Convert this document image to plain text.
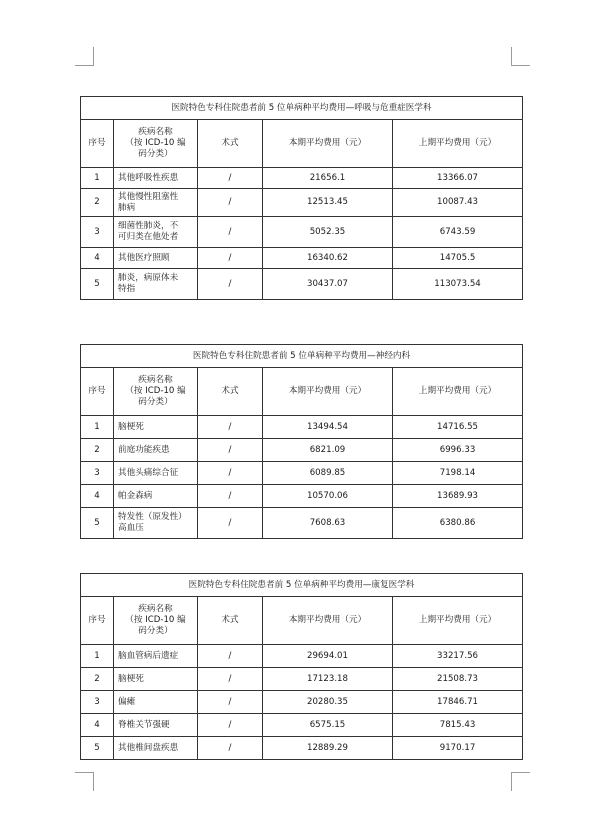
医院特色专科住院患者前 5 位单病种平均费用—呼吸与危重症医学科				
序号	疾病名称
（按 ICD-10 编
码分类）	术式	本期平均费用（元）	上期平均费用（元）
1	其他呼吸性疾患	/	21656.1	13366.07
2	其他慢性阻塞性
肺病	/	12513.45	10087.43
3	细菌性肺炎，不
可归类在他处者	/	5052.35	6743.59
4	其他医疗照顾	/	16340.62	14705.5
5	肺炎，病原体未
特指	/	30437.07	113073.54
医院特色专科住院患者前 5 位单病种平均费用—神经内科				
序号	疾病名称
（按 ICD-10 编
码分类）	术式	本期平均费用（元）	上期平均费用（元）
1	脑梗死	/	13494.54	14716.55
2	前庭功能疾患	/	6821.09	6996.33
3	其他头痛综合征	/	6089.85	7198.14
4	帕金森病	/	10570.06	13689.93
5	特发性（原发性）
高血压	/	7608.63	6380.86
医院特色专科住院患者前 5 位单病种平均费用—康复医学科				
序号	疾病名称
（按 ICD-10 编
码分类）	术式	本期平均费用（元）	上期平均费用（元）
1	脑血管病后遗症	/	29694.01	33217.56
2	脑梗死	/	17123.18	21508.73
3	偏瘫	/	20280.35	17846.71
4	脊椎关节强硬	/	6575.15	7815.43
5	其他椎间盘疾患	/	12889.29	9170.17
